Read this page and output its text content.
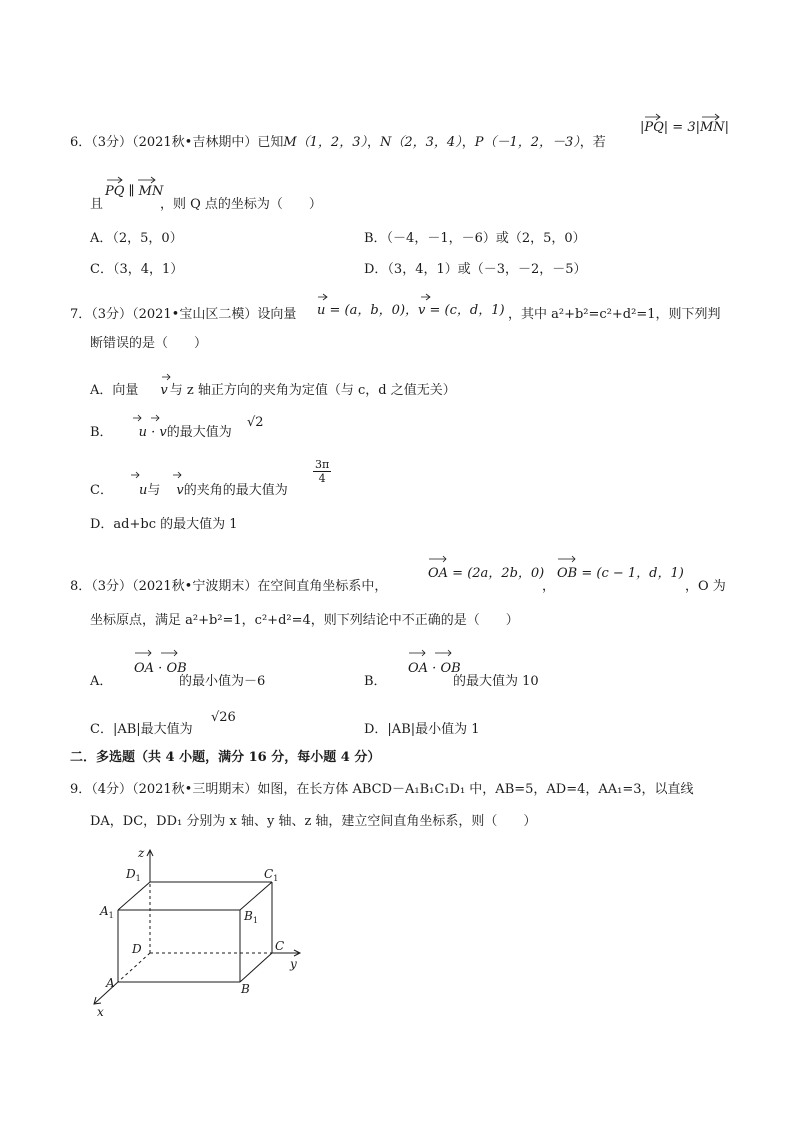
6．（3分）（2021秋•吉林期中）已知M（1，2，3），N（2，3，4），P（－1，2，－3），若
|PQ| = 3|MN|
且
PQ ∥ MN
，则 Q 点的坐标为（　　）
A．（2，5，0）	B．（－4，－1，－6）或（2，5，0）
C．（3，4，1）	D．（3，4，1）或（－3，－2，－5）
7．（3分）（2021•宝山区二模）设向量 u = (a，b，0)，v = (c，d，1) ，其中 a²+b²=c²+d²=1，则下列判
断错误的是（　　）
A．向量 v 与 z 轴正方向的夹角为定值（与 c，d 之值无关）
B． u · v的最大值为
√2
C． u与 v的夹角的最大值为
$\frac{3\pi}{4}$
D．ad+bc 的最大值为 1
8．（3分）（2021秋•宁波期末）在空间直角坐标系中，
OA = (2a，2b，0)
，
OB = (c − 1，d，1)
，O 为
坐标原点，满足 a²+b²=1，c²+d²=4，则下列结论中不正确的是（　　）
A．
OA · OB
的最小值为－6	B．
OA · OB
的最大值为 10
C．|AB|最大值为
√26
D．|AB|最小值为 1
二．多选题（共 4 小题，满分 16 分，每小题 4 分）
9．（4分）（2021秋•三明期末）如图，在长方体 ABCD－A₁B₁C₁D₁ 中，AB=5，AD=4，AA₁=3，以直线
DA，DC，DD₁ 分别为 x 轴、y 轴、z 轴，建立空间直角坐标系，则（　　）
z
y
x
$D_1$	$C_1$
$A_1$	$B_1$
D	C
A	B
